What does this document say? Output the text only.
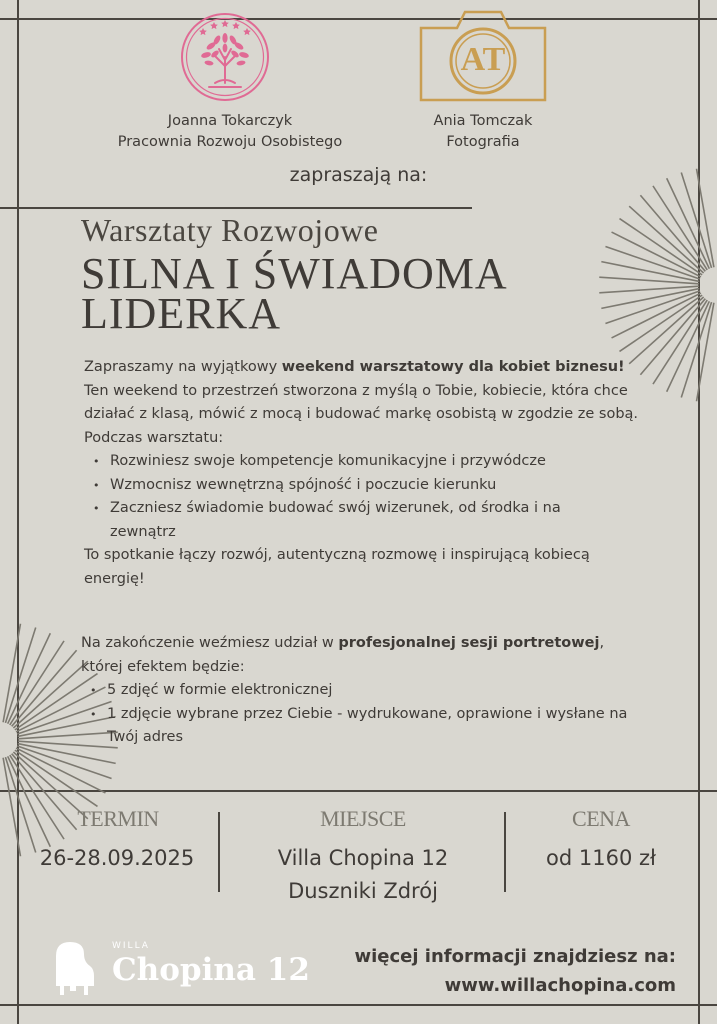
Joanna Tokarczyk
Pracownia Rozwoju Osobistego
AT
Ania Tomczak
Fotografia
zapraszają na:
Warsztaty Rozwojowe
SILNA I ŚWIADOMA
LIDERKA

Zapraszamy na wyjątkowy weekend warsztatowy dla kobiet biznesu!

Ten weekend to przestrzeń stworzona z myślą o Tobie, kobiecie, która chce działać z klasą, mówić z mocą i budować markę osobistą w zgodzie ze sobą.

Podczas warsztatu:

• Rozwiniesz swoje kompetencje komunikacyjne i przywódcze
• Wzmocnisz wewnętrzną spójność i poczucie kierunku
• Zaczniesz świadomie budować swój wizerunek, od środka i na zewnątrz

To spotkanie łączy rozwój, autentyczną rozmowę i inspirującą kobiecą energię!

Na zakończenie weźmiesz udział w profesjonalnej sesji portretowej, której efektem będzie:

• 5 zdjęć w formie elektronicznej
• 1 zdjęcie wybrane przez Ciebie - wydrukowane, oprawione i wysłane na Twój adres
TERMIN
26-28.09.2025
MIEJSCE
Villa Chopina 12
Duszniki Zdrój
CENA
od 1160 zł
WILLA
Chopina 12	więcej informacji znajdziesz na:
www.willachopina.com
